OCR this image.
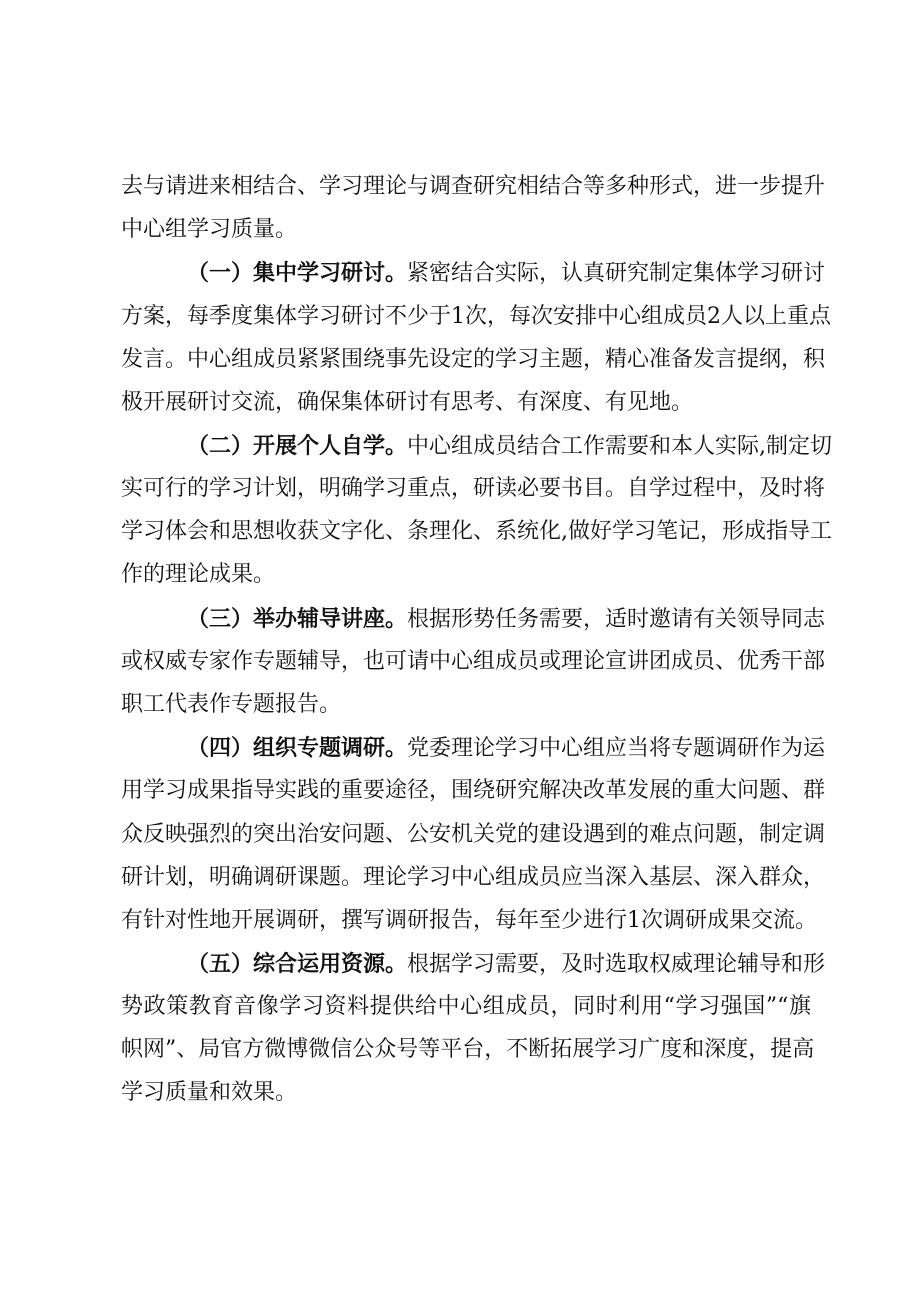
去与请进来相结合、学习理论与调查研究相结合等多种形式，进一步提升
中心组学习质量。
（一）集中学习研讨。紧密结合实际，认真研究制定集体学习研讨
方案，每季度集体学习研讨不少于1次，每次安排中心组成员2人以上重点
发言。中心组成员紧紧围绕事先设定的学习主题，精心准备发言提纲，积
极开展研讨交流，确保集体研讨有思考、有深度、有见地。
（二）开展个人自学。中心组成员结合工作需要和本人实际,制定切
实可行的学习计划，明确学习重点，研读必要书目。自学过程中，及时将
学习体会和思想收获文字化、条理化、系统化,做好学习笔记，形成指导工
作的理论成果。
（三）举办辅导讲座。根据形势任务需要，适时邀请有关领导同志
或权威专家作专题辅导，也可请中心组成员或理论宣讲团成员、优秀干部
职工代表作专题报告。
（四）组织专题调研。党委理论学习中心组应当将专题调研作为运
用学习成果指导实践的重要途径，围绕研究解决改革发展的重大问题、群
众反映强烈的突出治安问题、公安机关党的建设遇到的难点问题，制定调
研计划，明确调研课题。理论学习中心组成员应当深入基层、深入群众，
有针对性地开展调研，撰写调研报告，每年至少进行1次调研成果交流。
（五）综合运用资源。根据学习需要，及时选取权威理论辅导和形
势政策教育音像学习资料提供给中心组成员，同时利用“学习强国”“旗
帜网”、局官方微博微信公众号等平台，不断拓展学习广度和深度，提高
学习质量和效果。
